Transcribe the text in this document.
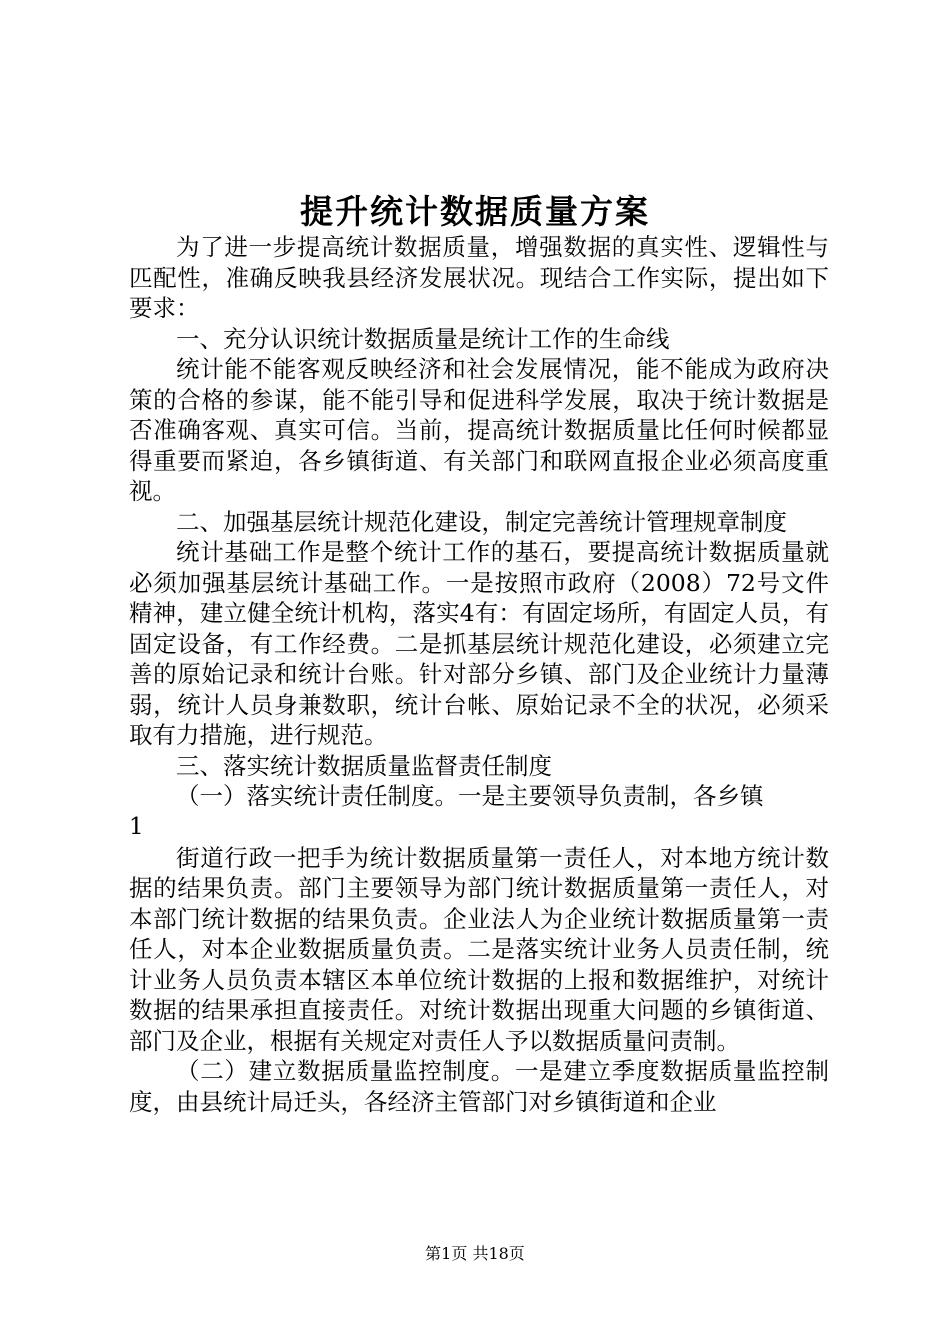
提升统计数据质量方案

为了进一步提高统计数据质量，增强数据的真实性、逻辑性与匹配性，准确反映我县经济发展状况。现结合工作实际，提出如下要求：

一、充分认识统计数据质量是统计工作的生命线

统计能不能客观反映经济和社会发展情况，能不能成为政府决策的合格的参谋，能不能引导和促进科学发展，取决于统计数据是否准确客观、真实可信。当前，提高统计数据质量比任何时候都显得重要而紧迫，各乡镇街道、有关部门和联网直报企业必须高度重视。

二、加强基层统计规范化建设，制定完善统计管理规章制度

统计基础工作是整个统计工作的基石，要提高统计数据质量就必须加强基层统计基础工作。一是按照市政府（2008）72号文件精神，建立健全统计机构，落实4有：有固定场所，有固定人员，有固定设备，有工作经费。二是抓基层统计规范化建设，必须建立完善的原始记录和统计台账。针对部分乡镇、部门及企业统计力量薄弱，统计人员身兼数职，统计台帐、原始记录不全的状况，必须采取有力措施，进行规范。

三、落实统计数据质量监督责任制度

（一）落实统计责任制度。一是主要领导负责制，各乡镇

1

街道行政一把手为统计数据质量第一责任人，对本地方统计数据的结果负责。部门主要领导为部门统计数据质量第一责任人，对本部门统计数据的结果负责。企业法人为企业统计数据质量第一责任人，对本企业数据质量负责。二是落实统计业务人员责任制，统计业务人员负责本辖区本单位统计数据的上报和数据维护，对统计数据的结果承担直接责任。对统计数据出现重大问题的乡镇街道、部门及企业，根据有关规定对责任人予以数据质量问责制。

（二）建立数据质量监控制度。一是建立季度数据质量监控制度，由县统计局迁头，各经济主管部门对乡镇街道和企业

第1页 共18页
